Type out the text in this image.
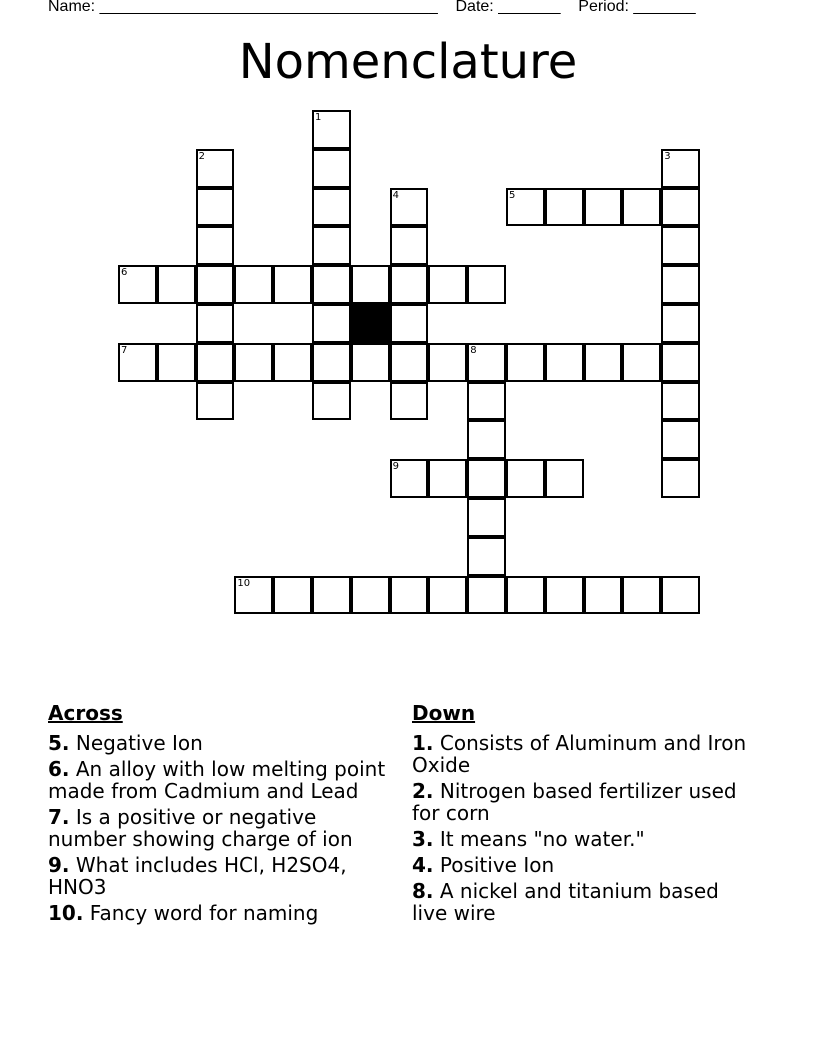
Name: ______________________________________ Date: _______ Period: _______
Nomenclature
1
2	3
4	5
6
7	8
9
10
Across
5. Negative Ion
6. An alloy with low melting point made from Cadmium and Lead
7. Is a positive or negative number showing charge of ion
9. What includes HCl, H2SO4, HNO3
10. Fancy word for naming
Down
1. Consists of Aluminum and Iron Oxide
2. Nitrogen based fertilizer used for corn
3. It means "no water."
4. Positive Ion
8. A nickel and titanium based live wire
